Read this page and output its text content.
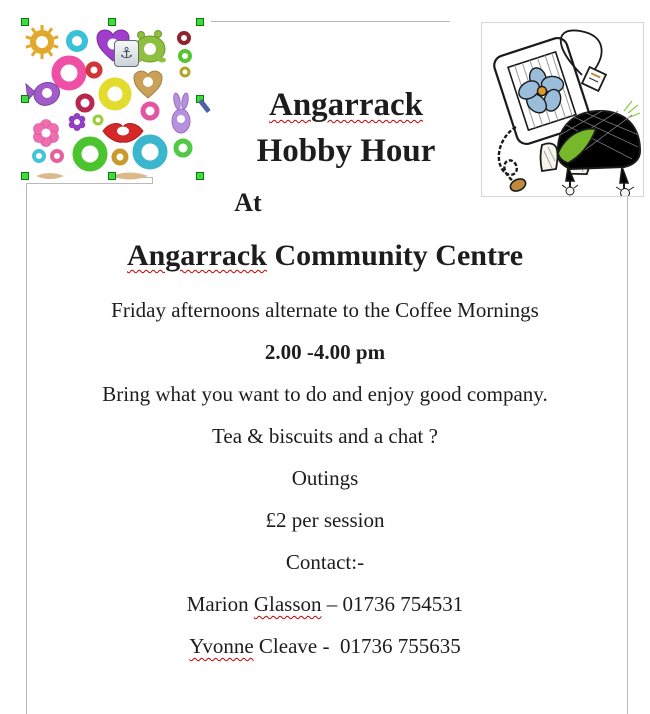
⚓
Angarrack
Hobby Hour
At
Angarrack Community Centre
Friday afternoons alternate to the Coffee Mornings
2.00 -4.00 pm
Bring what you want to do and enjoy good company.
Tea & biscuits and a chat ?
Outings
£2 per session
Contact:-
Marion Glasson – 01736 754531
Yvonne Cleave -  01736 755635
